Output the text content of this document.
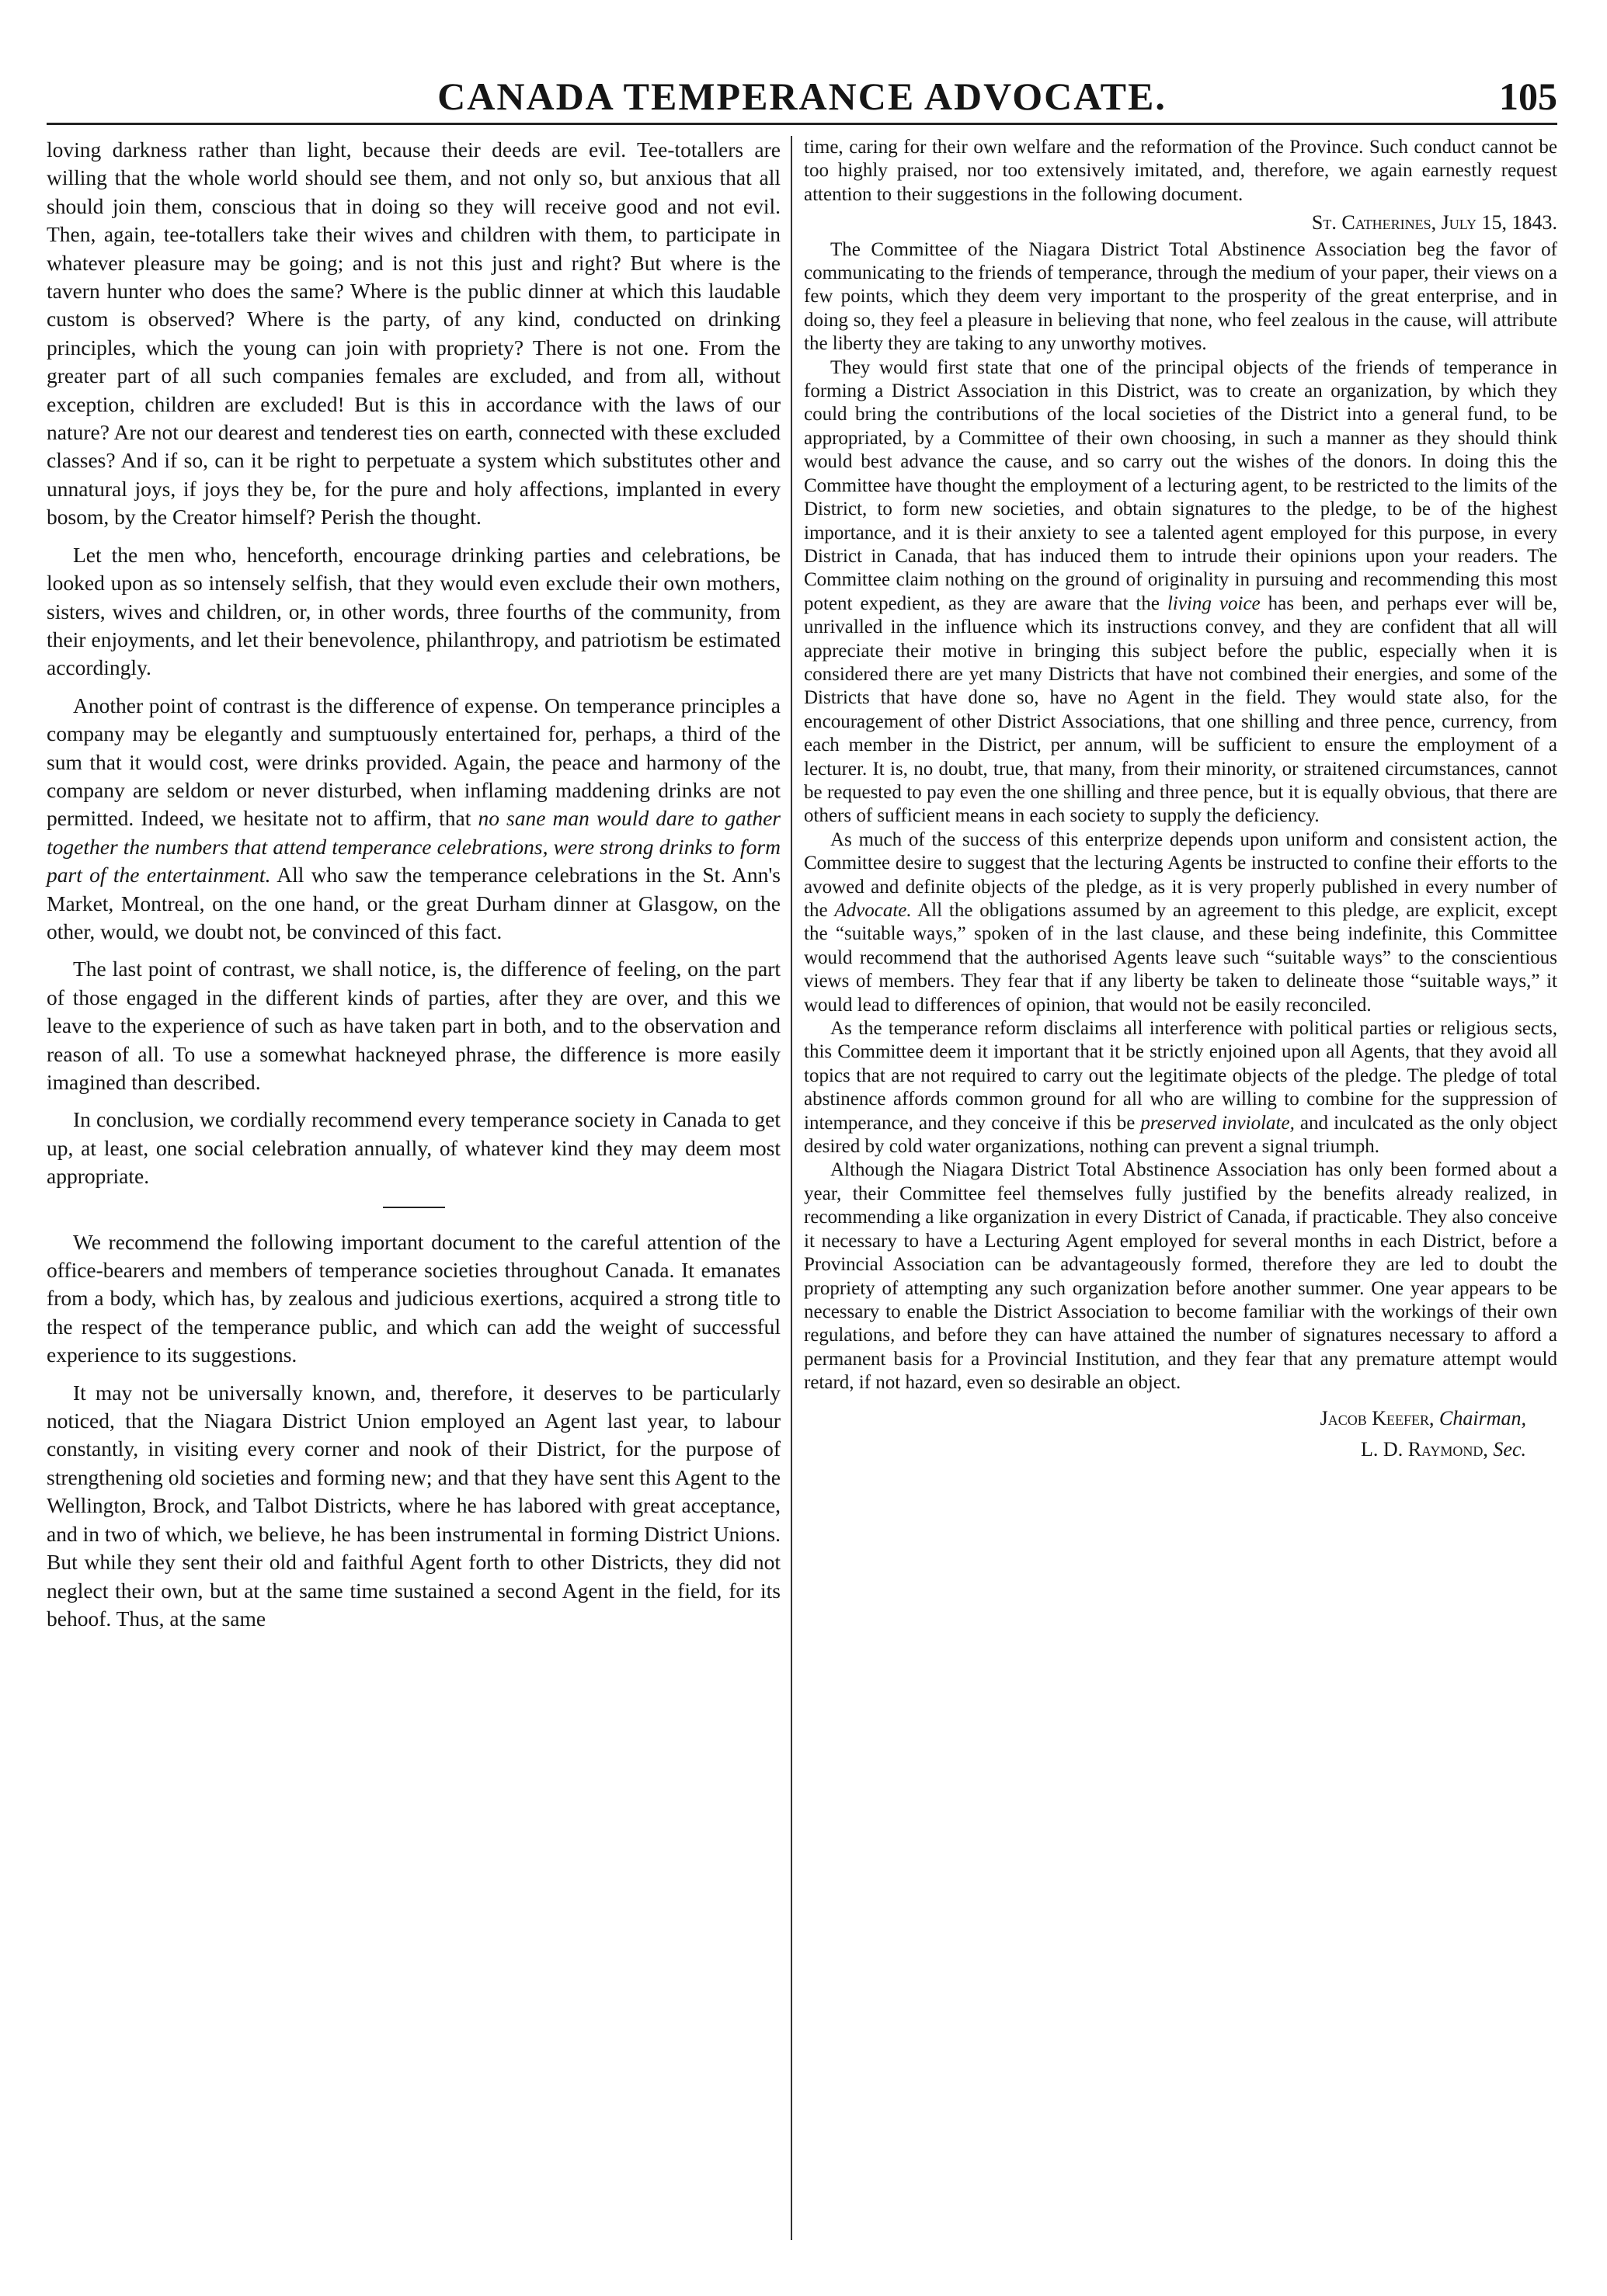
CANADA TEMPERANCE ADVOCATE.	105

loving darkness rather than light, because their deeds are evil. Tee-totallers are willing that the whole world should see them, and not only so, but anxious that all should join them, conscious that in doing so they will receive good and not evil. Then, again, tee-totallers take their wives and children with them, to participate in whatever pleasure may be going; and is not this just and right? But where is the tavern hunter who does the same? Where is the public dinner at which this laudable custom is observed? Where is the party, of any kind, conducted on drinking principles, which the young can join with propriety? There is not one. From the greater part of all such companies females are excluded, and from all, without exception, children are excluded! But is this in accordance with the laws of our nature? Are not our dearest and tenderest ties on earth, connected with these excluded classes? And if so, can it be right to perpetuate a system which substitutes other and unnatural joys, if joys they be, for the pure and holy affections, implanted in every bosom, by the Creator himself? Perish the thought.

Let the men who, henceforth, encourage drinking parties and celebrations, be looked upon as so intensely selfish, that they would even exclude their own mothers, sisters, wives and children, or, in other words, three fourths of the community, from their enjoyments, and let their benevolence, philanthropy, and patriotism be estimated accordingly.

Another point of contrast is the difference of expense. On temperance principles a company may be elegantly and sumptuously entertained for, perhaps, a third of the sum that it would cost, were drinks provided. Again, the peace and harmony of the company are seldom or never disturbed, when inflaming maddening drinks are not permitted. Indeed, we hesitate not to affirm, that no sane man would dare to gather together the numbers that attend temperance celebrations, were strong drinks to form part of the entertainment. All who saw the temperance celebrations in the St. Ann's Market, Montreal, on the one hand, or the great Durham dinner at Glasgow, on the other, would, we doubt not, be convinced of this fact.

The last point of contrast, we shall notice, is, the difference of feeling, on the part of those engaged in the different kinds of parties, after they are over, and this we leave to the experience of such as have taken part in both, and to the observation and reason of all. To use a somewhat hackneyed phrase, the difference is more easily imagined than described.

In conclusion, we cordially recommend every temperance society in Canada to get up, at least, one social celebration annually, of whatever kind they may deem most appropriate.

We recommend the following important document to the careful attention of the office-bearers and members of temperance societies throughout Canada. It emanates from a body, which has, by zealous and judicious exertions, acquired a strong title to the respect of the temperance public, and which can add the weight of successful experience to its suggestions.

It may not be universally known, and, therefore, it deserves to be particularly noticed, that the Niagara District Union employed an Agent last year, to labour constantly, in visiting every corner and nook of their District, for the purpose of strengthening old societies and forming new; and that they have sent this Agent to the Wellington, Brock, and Talbot Districts, where he has labored with great acceptance, and in two of which, we believe, he has been instrumental in forming District Unions. But while they sent their old and faithful Agent forth to other Districts, they did not neglect their own, but at the same time sustained a second Agent in the field, for its behoof. Thus, at the same

time, caring for their own welfare and the reformation of the Province. Such conduct cannot be too highly praised, nor too extensively imitated, and, therefore, we again earnestly request attention to their suggestions in the following document.

St. Catherines, July 15, 1843.

The Committee of the Niagara District Total Abstinence Association beg the favor of communicating to the friends of temperance, through the medium of your paper, their views on a few points, which they deem very important to the prosperity of the great enterprise, and in doing so, they feel a pleasure in believing that none, who feel zealous in the cause, will attribute the liberty they are taking to any unworthy motives.

They would first state that one of the principal objects of the friends of temperance in forming a District Association in this District, was to create an organization, by which they could bring the contributions of the local societies of the District into a general fund, to be appropriated, by a Committee of their own choosing, in such a manner as they should think would best advance the cause, and so carry out the wishes of the donors. In doing this the Committee have thought the employment of a lecturing agent, to be restricted to the limits of the District, to form new societies, and obtain signatures to the pledge, to be of the highest importance, and it is their anxiety to see a talented agent employed for this purpose, in every District in Canada, that has induced them to intrude their opinions upon your readers. The Committee claim nothing on the ground of originality in pursuing and recommending this most potent expedient, as they are aware that the living voice has been, and perhaps ever will be, unrivalled in the influence which its instructions convey, and they are confident that all will appreciate their motive in bringing this subject before the public, especially when it is considered there are yet many Districts that have not combined their energies, and some of the Districts that have done so, have no Agent in the field. They would state also, for the encouragement of other District Associations, that one shilling and three pence, currency, from each member in the District, per annum, will be sufficient to ensure the employment of a lecturer. It is, no doubt, true, that many, from their minority, or straitened circumstances, cannot be requested to pay even the one shilling and three pence, but it is equally obvious, that there are others of sufficient means in each society to supply the deficiency.

As much of the success of this enterprize depends upon uniform and consistent action, the Committee desire to suggest that the lecturing Agents be instructed to confine their efforts to the avowed and definite objects of the pledge, as it is very properly published in every number of the Advocate. All the obligations assumed by an agreement to this pledge, are explicit, except the “suitable ways,” spoken of in the last clause, and these being indefinite, this Committee would recommend that the authorised Agents leave such “suitable ways” to the conscientious views of members. They fear that if any liberty be taken to delineate those “suitable ways,” it would lead to differences of opinion, that would not be easily reconciled.

As the temperance reform disclaims all interference with political parties or religious sects, this Committee deem it important that it be strictly enjoined upon all Agents, that they avoid all topics that are not required to carry out the legitimate objects of the pledge. The pledge of total abstinence affords common ground for all who are willing to combine for the suppression of intemperance, and they conceive if this be preserved inviolate, and inculcated as the only object desired by cold water organizations, nothing can prevent a signal triumph.

Although the Niagara District Total Abstinence Association has only been formed about a year, their Committee feel themselves fully justified by the benefits already realized, in recommending a like organization in every District of Canada, if practicable. They also conceive it necessary to have a Lecturing Agent employed for several months in each District, before a Provincial Association can be advantageously formed, therefore they are led to doubt the propriety of attempting any such organization before another summer. One year appears to be necessary to enable the District Association to become familiar with the workings of their own regulations, and before they can have attained the number of signatures necessary to afford a permanent basis for a Provincial Institution, and they fear that any premature attempt would retard, if not hazard, even so desirable an object.

Jacob Keefer, Chairman,
L. D. Raymond, Sec.
